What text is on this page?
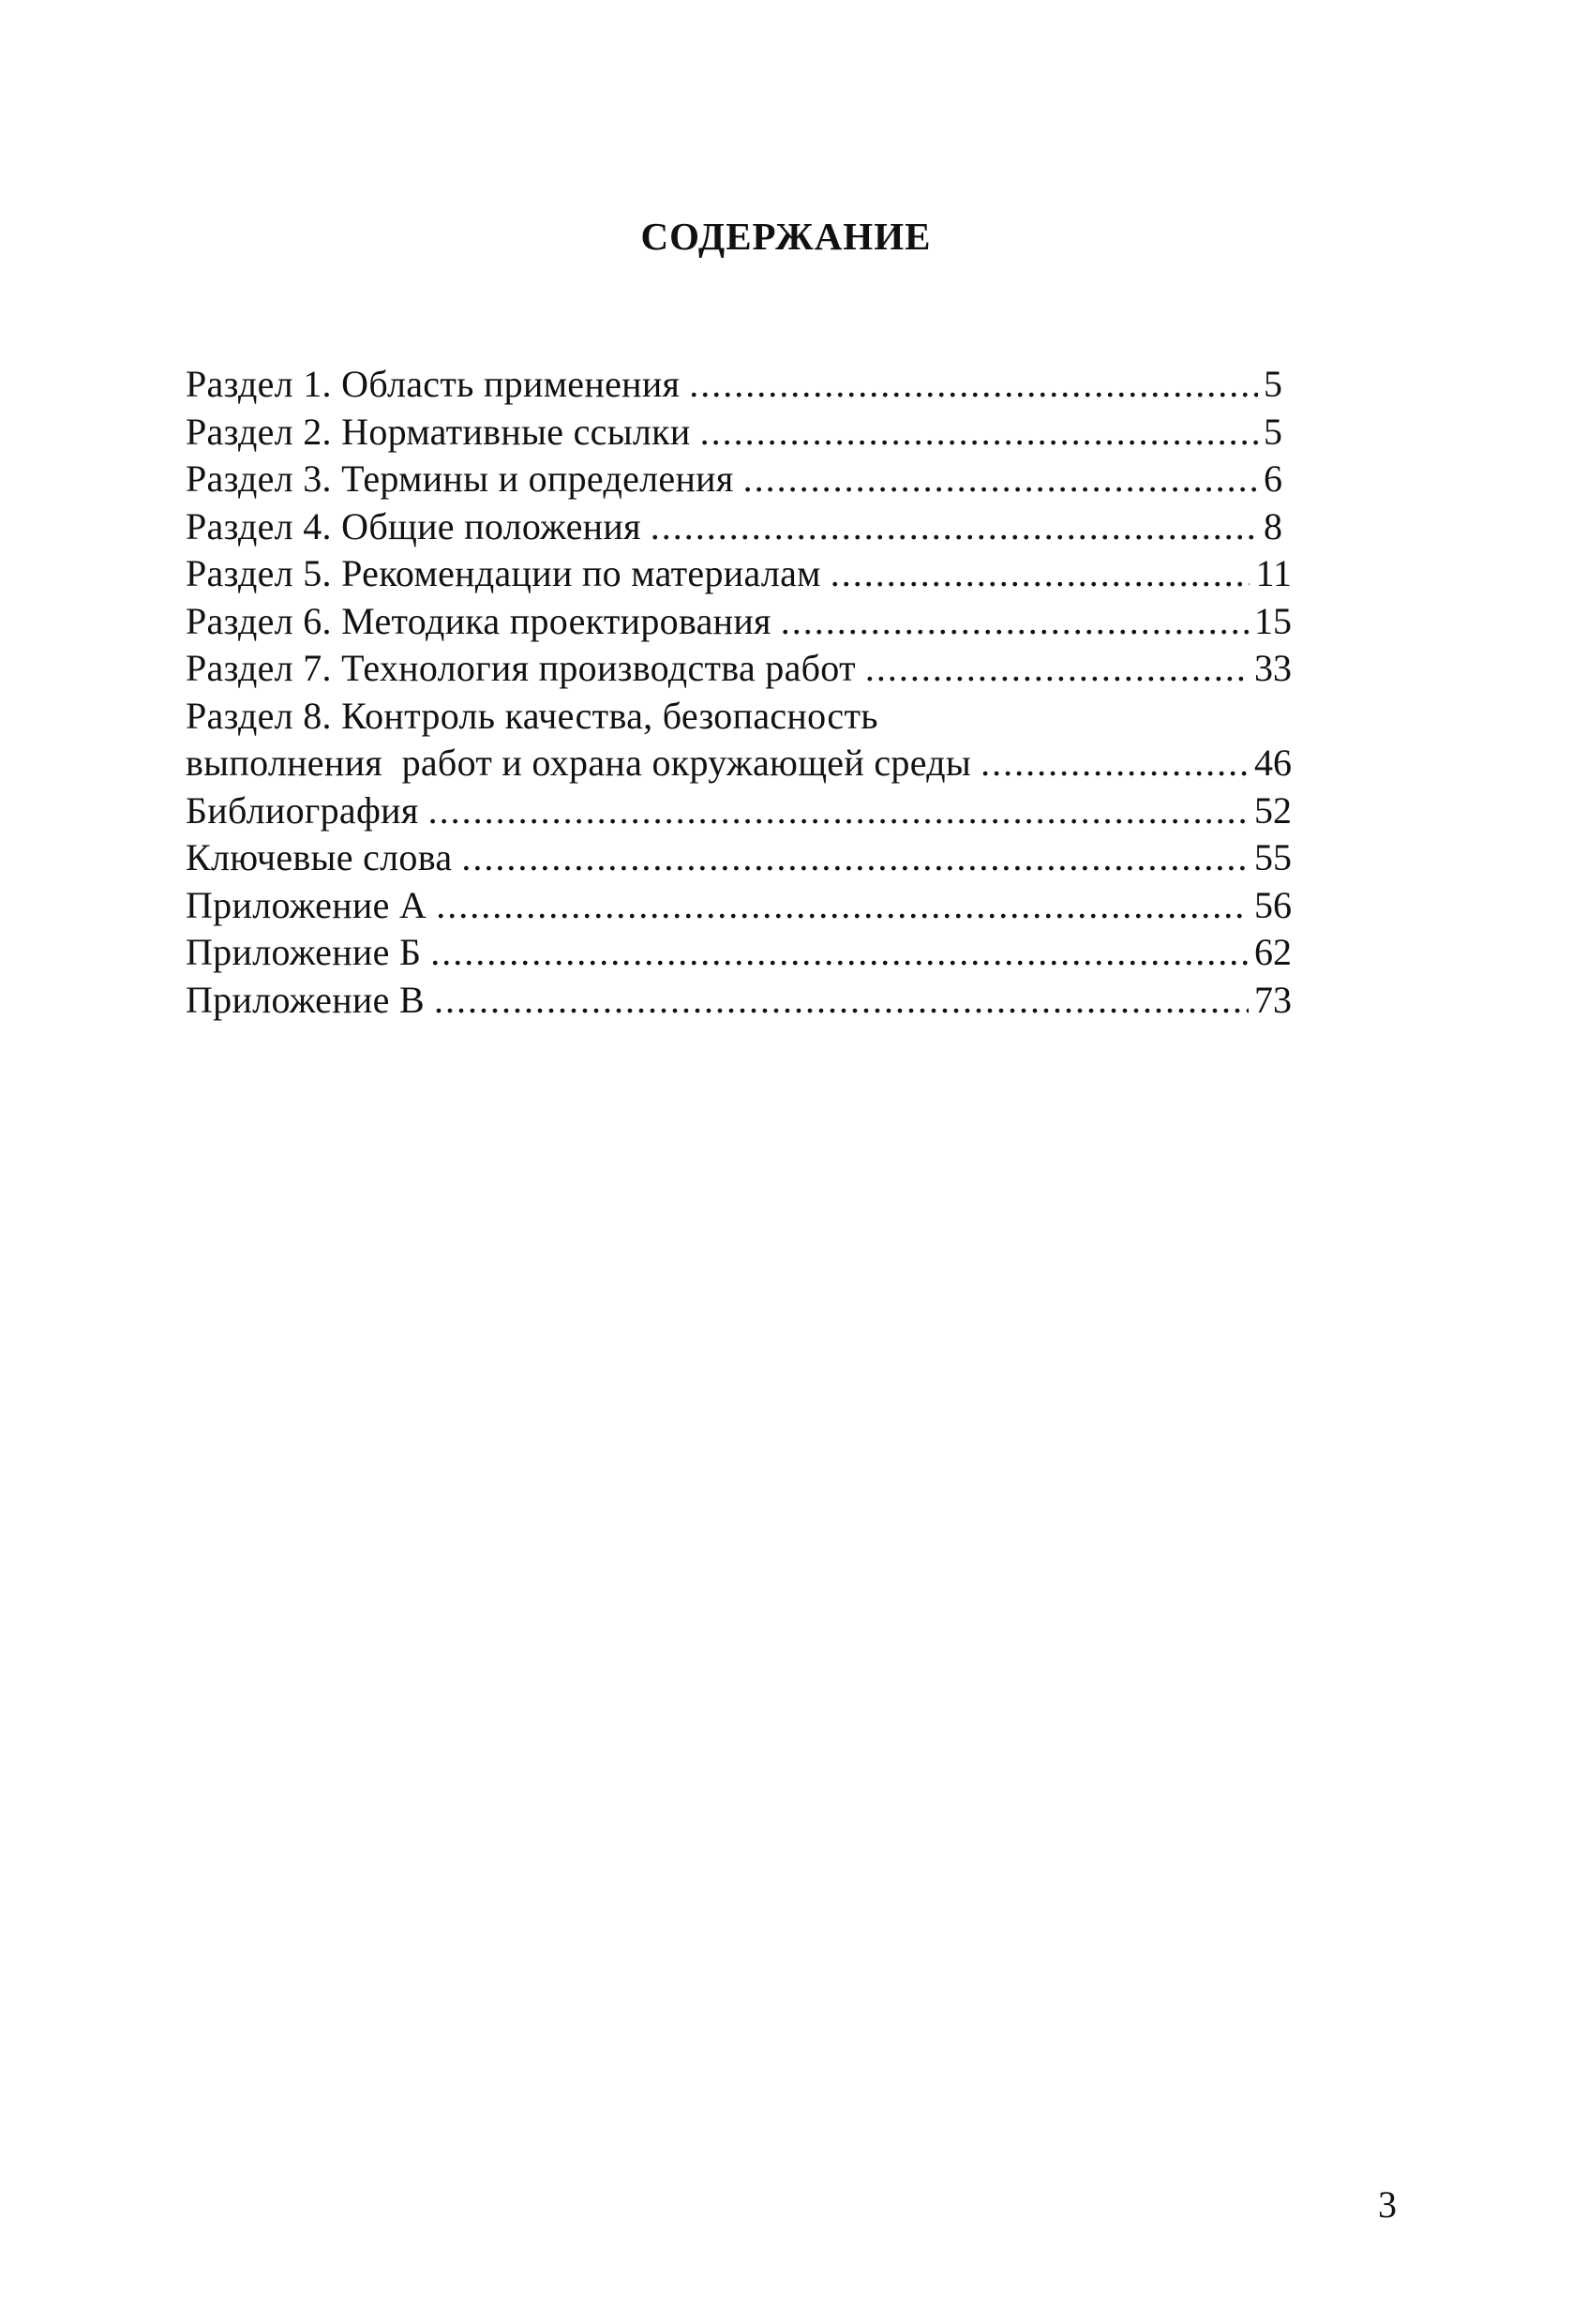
СОДЕРЖАНИЕ
Раздел 1. Область применения .....	5
Раздел 2. Нормативные ссылки .....	5
Раздел 3. Термины и определения .....	6
Раздел 4. Общие положения .....	8
Раздел 5. Рекомендации по материалам .....	11
Раздел 6. Методика проектирования .....	15
Раздел 7. Технология производства работ .....	33
Раздел 8. Контроль качества, безопасность
выполнения  работ и охрана окружающей среды .....	46
Библиография .....	52
Ключевые слова .....	55
Приложение А .....	56
Приложение Б .....	62
Приложение В .....	73

3
